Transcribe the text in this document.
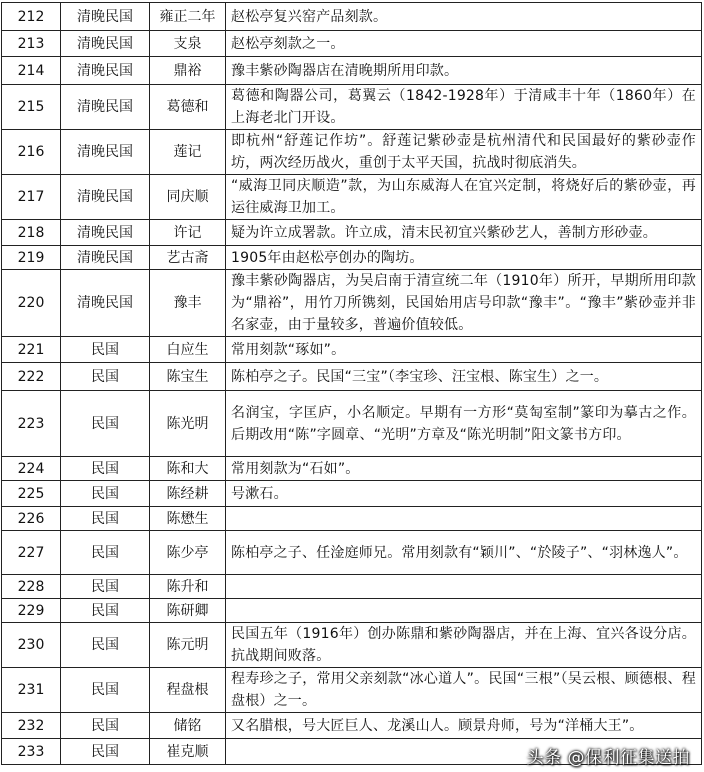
212	清晚民国	雍正二年	赵松亭复兴窑产品刻款。
213	清晚民国	支泉	赵松亭刻款之一。
214	清晚民国	鼎裕	豫丰紫砂陶器店在清晚期所用印款。
215	清晚民国	葛德和	葛德和陶器公司，葛翼云（1842-1928年）于清咸丰十年（1860年）在上海老北门开设。
216	清晚民国	莲记	即杭州“舒莲记作坊”。舒莲记紫砂壶是杭州清代和民国最好的紫砂壶作坊，两次经历战火，重创于太平天国，抗战时彻底消失。
217	清晚民国	同庆顺	“威海卫同庆顺造”款，为山东威海人在宜兴定制，将烧好后的紫砂壶，再运往威海卫加工。
218	清晚民国	许记	疑为许立成署款。许立成，清末民初宜兴紫砂艺人，善制方形砂壶。
219	清晚民国	艺古斋	1905年由赵松亭创办的陶坊。
220	清晚民国	豫丰	豫丰紫砂陶器店，为吴启南于清宣统二年（1910年）所开，早期所用印款为“鼎裕”，用竹刀所镌刻，民国始用店号印款“豫丰”。“豫丰”紫砂壶并非名家壶，由于量较多，普遍价值较低。
221	民国	白应生	常用刻款“琢如”。
222	民国	陈宝生	陈柏亭之子。民国“三宝”（李宝珍、汪宝根、陈宝生）之一。
223	民国	陈光明	名润宝，字匡庐，小名顺定。早期有一方形“莫匋室制”篆印为摹古之作。后期改用“陈”字圆章、“光明”方章及“陈光明制”阳文篆书方印。
224	民国	陈和大	常用刻款为“石如”。
225	民国	陈经耕	号漱石。
226	民国	陈懋生	
227	民国	陈少亭	陈柏亭之子、任淦庭师兄。常用刻款有“颖川”、“於陵子”、“羽林逸人”。
228	民国	陈升和	
229	民国	陈研卿	
230	民国	陈元明	民国五年（1916年）创办陈鼎和紫砂陶器店，并在上海、宜兴各设分店。抗战期间败落。
231	民国	程盘根	程寿珍之子，常用父亲刻款“冰心道人”。民国“三根”（吴云根、顾德根、程盘根）之一。
232	民国	储铭	又名腊根，号大匠巨人、龙溪山人。顾景舟师，号为“洋桶大王”。
233	民国	崔克顺		头条 @保利征集送拍
